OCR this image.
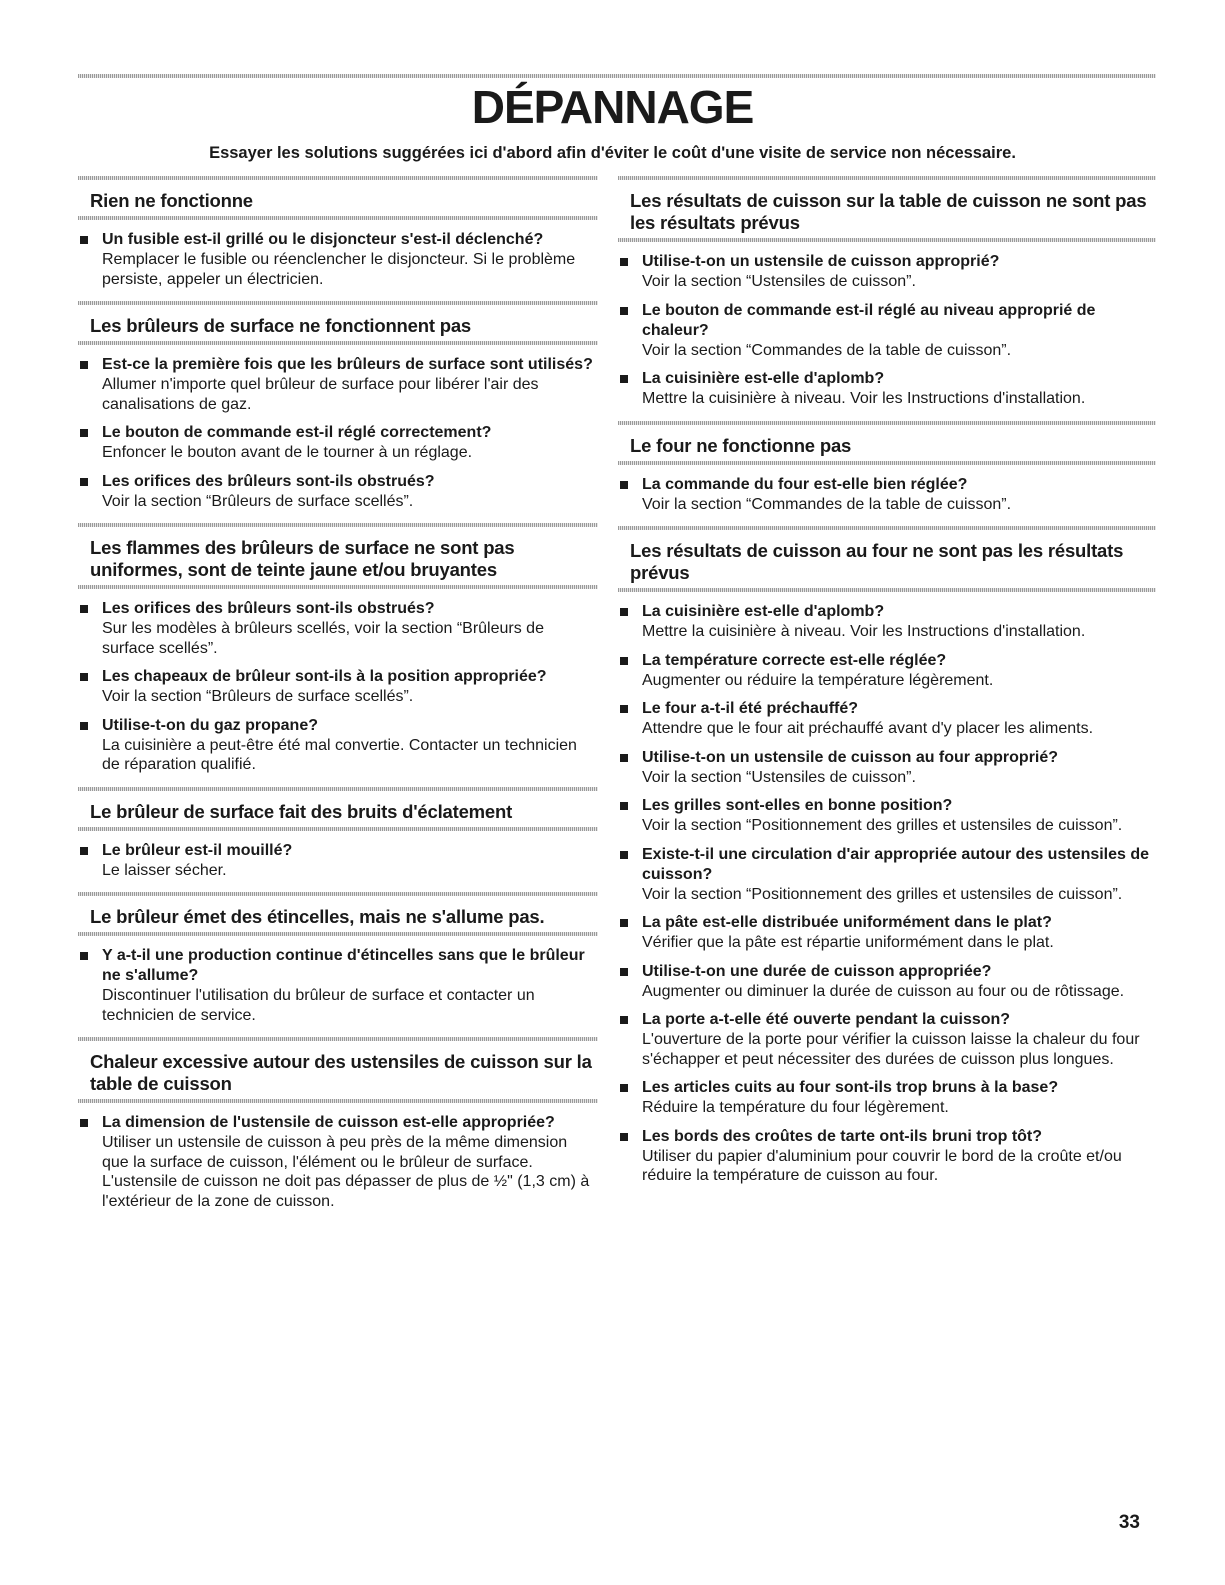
DÉPANNAGE
Essayer les solutions suggérées ici d'abord afin d'éviter le coût d'une visite de service non nécessaire.
Rien ne fonctionne
Un fusible est-il grillé ou le disjoncteur s'est-il déclenché?
Remplacer le fusible ou réenclencher le disjoncteur. Si le problème persiste, appeler un électricien.
Les brûleurs de surface ne fonctionnent pas
Est-ce la première fois que les brûleurs de surface sont utilisés?
Allumer n'importe quel brûleur de surface pour libérer l'air des canalisations de gaz.
Le bouton de commande est-il réglé correctement?
Enfoncer le bouton avant de le tourner à un réglage.
Les orifices des brûleurs sont-ils obstrués?
Voir la section “Brûleurs de surface scellés”.
Les flammes des brûleurs de surface ne sont pas uniformes, sont de teinte jaune et/ou bruyantes
Les orifices des brûleurs sont-ils obstrués?
Sur les modèles à brûleurs scellés, voir la section “Brûleurs de surface scellés”.
Les chapeaux de brûleur sont-ils à la position appropriée?
Voir la section “Brûleurs de surface scellés”.
Utilise-t-on du gaz propane?
La cuisinière a peut-être été mal convertie. Contacter un technicien de réparation qualifié.
Le brûleur de surface fait des bruits d'éclatement
Le brûleur est-il mouillé?
Le laisser sécher.
Le brûleur émet des étincelles, mais ne s'allume pas.
Y a-t-il une production continue d'étincelles sans que le brûleur ne s'allume?
Discontinuer l'utilisation du brûleur de surface et contacter un technicien de service.
Chaleur excessive autour des ustensiles de cuisson sur la table de cuisson
La dimension de l'ustensile de cuisson est-elle appropriée?
Utiliser un ustensile de cuisson à peu près de la même dimension que la surface de cuisson, l'élément ou le brûleur de surface. L'ustensile de cuisson ne doit pas dépasser de plus de ½" (1,3 cm) à l'extérieur de la zone de cuisson.
Les résultats de cuisson sur la table de cuisson ne sont pas les résultats prévus
Utilise-t-on un ustensile de cuisson approprié?
Voir la section “Ustensiles de cuisson”.
Le bouton de commande est-il réglé au niveau approprié de chaleur?
Voir la section “Commandes de la table de cuisson”.
La cuisinière est-elle d'aplomb?
Mettre la cuisinière à niveau. Voir les Instructions d'installation.
Le four ne fonctionne pas
La commande du four est-elle bien réglée?
Voir la section “Commandes de la table de cuisson”.
Les résultats de cuisson au four ne sont pas les résultats prévus
La cuisinière est-elle d'aplomb?
Mettre la cuisinière à niveau. Voir les Instructions d'installation.
La température correcte est-elle réglée?
Augmenter ou réduire la température légèrement.
Le four a-t-il été préchauffé?
Attendre que le four ait préchauffé avant d'y placer les aliments.
Utilise-t-on un ustensile de cuisson au four approprié?
Voir la section “Ustensiles de cuisson”.
Les grilles sont-elles en bonne position?
Voir la section “Positionnement des grilles et ustensiles de cuisson”.
Existe-t-il une circulation d'air appropriée autour des ustensiles de cuisson?
Voir la section “Positionnement des grilles et ustensiles de cuisson”.
La pâte est-elle distribuée uniformément dans le plat?
Vérifier que la pâte est répartie uniformément dans le plat.
Utilise-t-on une durée de cuisson appropriée?
Augmenter ou diminuer la durée de cuisson au four ou de rôtissage.
La porte a-t-elle été ouverte pendant la cuisson?
L'ouverture de la porte pour vérifier la cuisson laisse la chaleur du four s'échapper et peut nécessiter des durées de cuisson plus longues.
Les articles cuits au four sont-ils trop bruns à la base?
Réduire la température du four légèrement.
Les bords des croûtes de tarte ont-ils bruni trop tôt?
Utiliser du papier d'aluminium pour couvrir le bord de la croûte et/ou réduire la température de cuisson au four.
33
